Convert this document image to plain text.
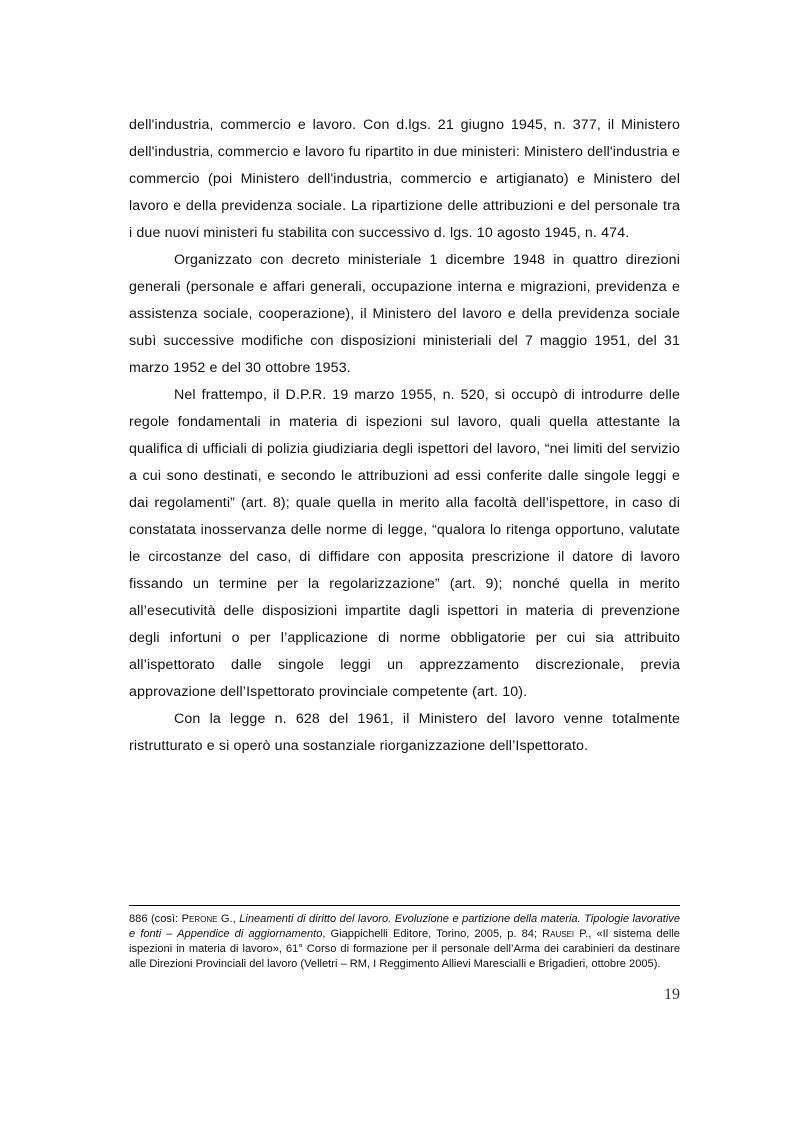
dell'industria, commercio e lavoro. Con d.lgs. 21 giugno 1945, n. 377, il Ministero dell'industria, commercio e lavoro fu ripartito in due ministeri: Ministero dell'industria e commercio (poi Ministero dell'industria, commercio e artigianato) e Ministero del lavoro e della previdenza sociale. La ripartizione delle attribuzioni e del personale tra i due nuovi ministeri fu stabilita con successivo d. lgs. 10 agosto 1945, n. 474.

Organizzato con decreto ministeriale 1 dicembre 1948 in quattro direzioni generali (personale e affari generali, occupazione interna e migrazioni, previdenza e assistenza sociale, cooperazione), il Ministero del lavoro e della previdenza sociale subì successive modifiche con disposizioni ministeriali del 7 maggio 1951, del 31 marzo 1952 e del 30 ottobre 1953.

Nel frattempo, il D.P.R. 19 marzo 1955, n. 520, si occupò di introdurre delle regole fondamentali in materia di ispezioni sul lavoro, quali quella attestante la qualifica di ufficiali di polizia giudiziaria degli ispettori del lavoro, “nei limiti del servizio a cui sono destinati, e secondo le attribuzioni ad essi conferite dalle singole leggi e dai regolamenti” (art. 8); quale quella in merito alla facoltà dell’ispettore, in caso di constatata inosservanza delle norme di legge, “qualora lo ritenga opportuno, valutate le circostanze del caso, di diffidare con apposita prescrizione il datore di lavoro fissando un termine per la regolarizzazione” (art. 9); nonché quella in merito all’esecutività delle disposizioni impartite dagli ispettori in materia di prevenzione degli infortuni o per l’applicazione di norme obbligatorie per cui sia attribuito all’ispettorato dalle singole leggi un apprezzamento discrezionale, previa approvazione dell’Ispettorato provinciale competente (art. 10).

Con la legge n. 628 del 1961, il Ministero del lavoro venne totalmente ristrutturato e si operò una sostanziale riorganizzazione dell’Ispettorato.

886 (così: Perone G., Lineamenti di diritto del lavoro. Evoluzione e partizione della materia. Tipologie lavorative e fonti – Appendice di aggiornamento, Giappichelli Editore, Torino, 2005, p. 84; Rausei P., «Il sistema delle ispezioni in materia di lavoro», 61° Corso di formazione per il personale dell’Arma dei carabinieri da destinare alle Direzioni Provinciali del lavoro (Velletri – RM, I Reggimento Allievi Marescialli e Brigadieri, ottobre 2005).
19
